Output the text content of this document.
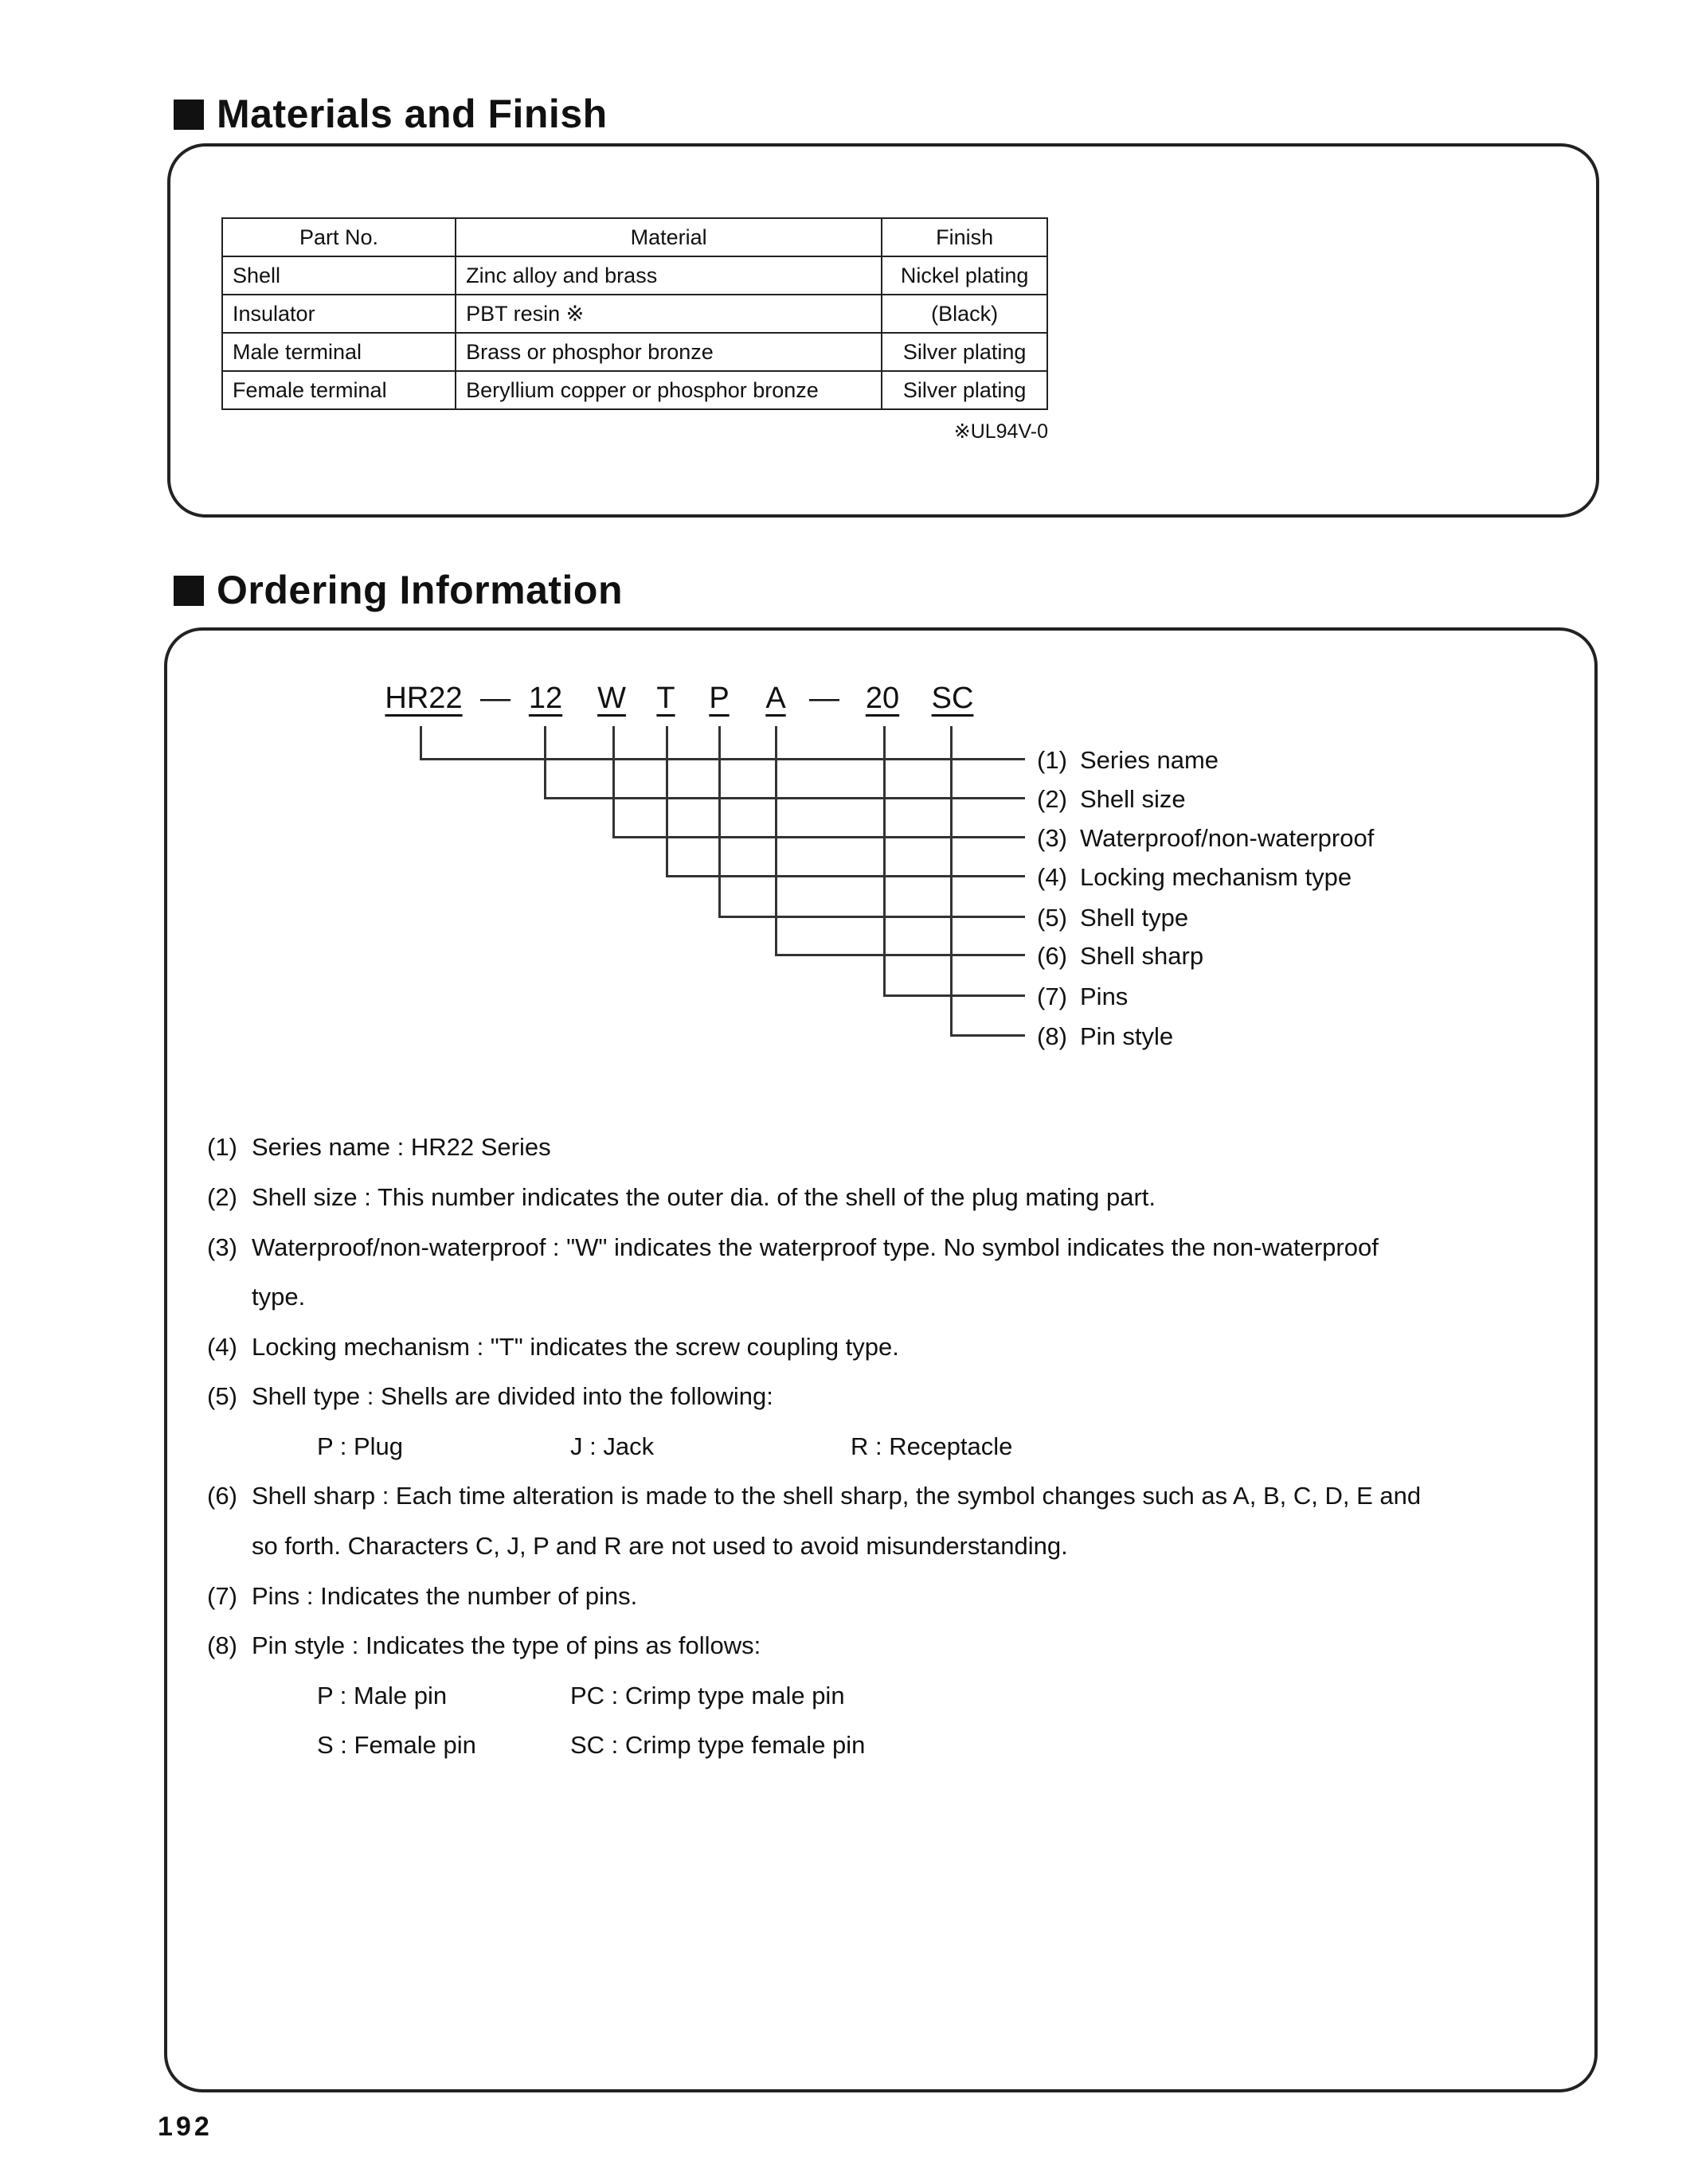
Materials and Finish
Part No.	Material	Finish
Shell	Zinc alloy and brass	Nickel plating
Insulator	PBT resin ※	(Black)
Male terminal	Brass or phosphor bronze	Silver plating
Female terminal	Beryllium copper or phosphor bronze	Silver plating
※UL94V-0
Ordering Information
HR22 — 12 W T P A — 20 SC
(1) Series name
(2) Shell size
(3) Waterproof/non-waterproof
(4) Locking mechanism type
(5) Shell type
(6) Shell sharp
(7) Pins
(8) Pin style
(1) Series name : HR22 Series
(2) Shell size : This number indicates the outer dia. of the shell of the plug mating part.
(3) Waterproof/non-waterproof : "W" indicates the waterproof type. No symbol indicates the non-waterproof
type.
(4) Locking mechanism : "T" indicates the screw coupling type.
(5) Shell type : Shells are divided into the following:
P : Plug	J : Jack	R : Receptacle
(6) Shell sharp : Each time alteration is made to the shell sharp, the symbol changes such as A, B, C, D, E and
so forth. Characters C, J, P and R are not used to avoid misunderstanding.
(7) Pins : Indicates the number of pins.
(8) Pin style : Indicates the type of pins as follows:
P : Male pin	PC : Crimp type male pin
S : Female pin	SC : Crimp type female pin
192
